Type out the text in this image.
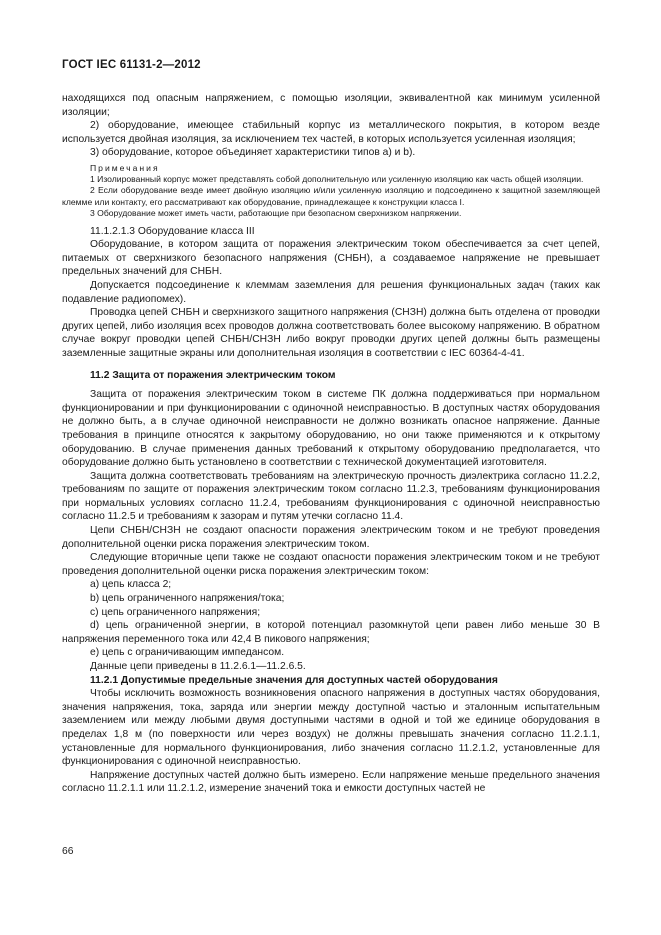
ГОСТ IEC 61131-2—2012

находящихся под опасным напряжением, с помощью изоляции, эквивалентной как минимум усиленной изоляции;

2) оборудование, имеющее стабильный корпус из металлического покрытия, в котором везде используется двойная изоляция, за исключением тех частей, в которых используется усиленная изоляция;

3) оборудование, которое объединяет характеристики типов a) и b).

Примечания

1 Изолированный корпус может представлять собой дополнительную или усиленную изоляцию как часть общей изоляции.

2 Если оборудование везде имеет двойную изоляцию и/или усиленную изоляцию и подсоединено к защитной заземляющей клемме или контакту, его рассматривают как оборудование, принадлежащее к конструкции класса I.

3 Оборудование может иметь части, работающие при безопасном сверхнизком напряжении.

11.1.2.1.3 Оборудование класса III

Оборудование, в котором защита от поражения электрическим током обеспечивается за счет цепей, питаемых от сверхнизкого безопасного напряжения (СНБН), а создаваемое напряжение не превышает предельных значений для СНБН.

Допускается подсоединение к клеммам заземления для решения функциональных задач (таких как подавление радиопомех).

Проводка цепей СНБН и сверхнизкого защитного напряжения (СНЗН) должна быть отделена от проводки других цепей, либо изоляция всех проводов должна соответствовать более высокому напряжению. В обратном случае вокруг проводки цепей СНБН/СНЗН либо вокруг проводки других цепей должны быть размещены заземленные защитные экраны или дополнительная изоляция в соответствии с IEC 60364-4-41.

11.2 Защита от поражения электрическим током

Защита от поражения электрическим током в системе ПК должна поддерживаться при нормальном функционировании и при функционировании с одиночной неисправностью. В доступных частях оборудования не должно быть, а в случае одиночной неисправности не должно возникать опасное напряжение. Данные требования в принципе относятся к закрытому оборудованию, но они также применяются и к открытому оборудованию. В случае применения данных требований к открытому оборудованию предполагается, что оборудование должно быть установлено в соответствии с технической документацией изготовителя.

Защита должна соответствовать требованиям на электрическую прочность диэлектрика согласно 11.2.2, требованиям по защите от поражения электрическим током согласно 11.2.3, требованиям функционирования при нормальных условиях согласно 11.2.4, требованиям функционирования с одиночной неисправностью согласно 11.2.5 и требованиям к зазорам и путям утечки согласно 11.4.

Цепи СНБН/СНЗН не создают опасности поражения электрическим током и не требуют проведения дополнительной оценки риска поражения электрическим током.

Следующие вторичные цепи также не создают опасности поражения электрическим током и не требуют проведения дополнительной оценки риска поражения электрическим током:

а) цепь класса 2;

b) цепь ограниченного напряжения/тока;

c) цепь ограниченного напряжения;

d) цепь ограниченной энергии, в которой потенциал разомкнутой цепи равен либо меньше 30 В напряжения переменного тока или 42,4 В пикового напряжения;

e) цепь с ограничивающим импедансом.

Данные цепи приведены в 11.2.6.1—11.2.6.5.

11.2.1 Допустимые предельные значения для доступных частей оборудования

Чтобы исключить возможность возникновения опасного напряжения в доступных частях оборудования, значения напряжения, тока, заряда или энергии между доступной частью и эталонным испытательным заземлением или между любыми двумя доступными частями в одной и той же единице оборудования в пределах 1,8 м (по поверхности или через воздух) не должны превышать значения согласно 11.2.1.1, установленные для нормального функционирования, либо значения согласно 11.2.1.2, установленные для функционирования с одиночной неисправностью.

Напряжение доступных частей должно быть измерено. Если напряжение меньше предельного значения согласно 11.2.1.1 или 11.2.1.2, измерение значений тока и емкости доступных частей не

66
